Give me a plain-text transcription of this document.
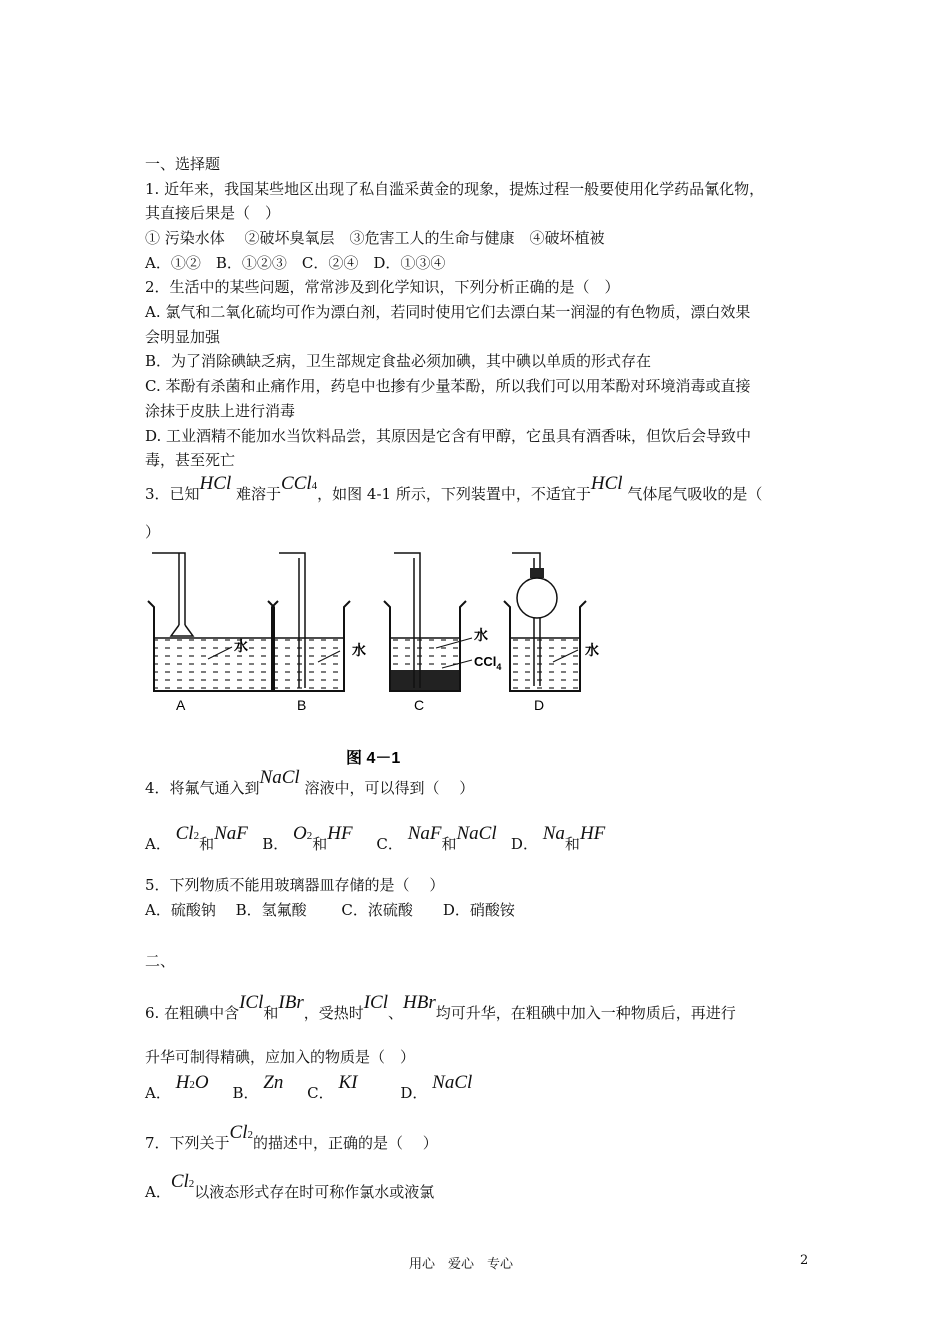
一、选择题
1. 近年来，我国某些地区出现了私自滥采黄金的现象，提炼过程一般要使用化学药品氰化物，
其直接后果是（　）
① 污染水体　 ②破坏臭氧层　③危害工人的生命与健康　④破坏植被
A．①②　B．①②③　C．②④　D．①③④
2．生活中的某些问题，常常涉及到化学知识，下列分析正确的是（　）
A. 氯气和二氧化硫均可作为漂白剂，若同时使用它们去漂白某一润湿的有色物质，漂白效果
会明显加强
B．为了消除碘缺乏病，卫生部规定食盐必须加碘，其中碘以单质的形式存在
C. 苯酚有杀菌和止痛作用，药皂中也掺有少量苯酚，所以我们可以用苯酚对环境消毒或直接
涂抹于皮肤上进行消毒
D. 工业酒精不能加水当饮料品尝，其原因是它含有甲醇，它虽具有酒香味，但饮后会导致中
毒，甚至死亡
3．已知HCl 难溶于CCl4，如图 4-1 所示，下列装置中，不适宜于HCl 气体尾气吸收的是（
）
水
A
水
B
水
CCl$_4$
C
水
D
图 4－1
4．将氟气通入到NaCl 溶液中，可以得到（　 ）
A． Cl2和NaF B． O2和HF C． NaF和NaCl D． Na和HF
5．下列物质不能用玻璃器皿存储的是（　 ）
A．硫酸钠　 B．氢氟酸　　 C．浓硫酸　　D．硝酸铵
二、
6. 在粗碘中含ICl和IBr，受热时ICl、HBr均可升华，在粗碘中加入一种物质后，再进行
升华可制得精碘，应加入的物质是（　）
A． H2O B． Zn C． KI	D． NaCl
7．下列关于Cl2的描述中，正确的是（　 ）
A．Cl2以液态形式存在时可称作氯水或液氯
用心　爱心　专心	2
